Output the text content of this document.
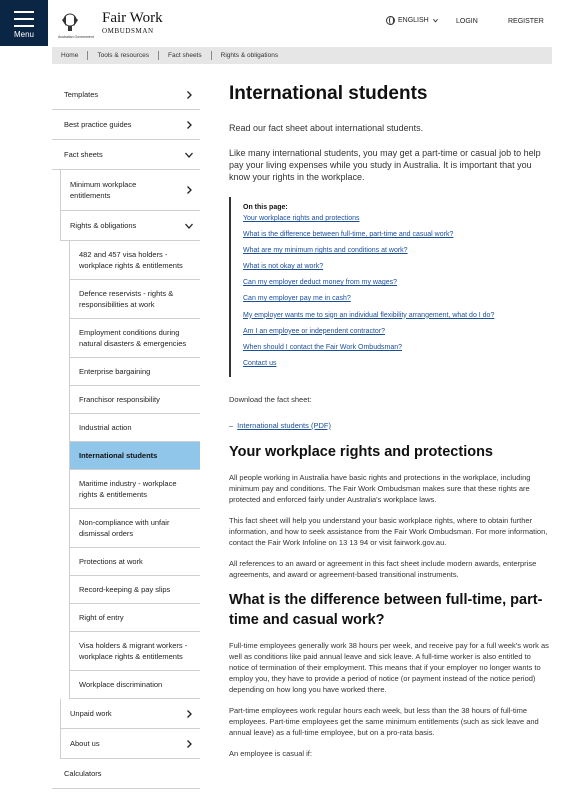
Menu	Australian Government
Fair Work
OMBUDSMAN
ENGLISH	LOGIN	REGISTER
Home	Tools & resources	Fact sheets	Rights & obligations
Templates
Best practice guides
Fact sheets
Minimum workplace entitlements
Rights & obligations
482 and 457 visa holders - workplace rights & entitlements
Defence reservists - rights & responsibilities at work
Employment conditions during natural disasters & emergencies
Enterprise bargaining
Franchisor responsibility
Industrial action
International students
Maritime industry - workplace rights & entitlements
Non-compliance with unfair dismissal orders
Protections at work
Record-keeping & pay slips
Right of entry
Visa holders & migrant workers - workplace rights & entitlements
Workplace discrimination
Unpaid work
About us
Calculators
International students

Read our fact sheet about international students.

Like many international students, you may get a part-time or casual job to help pay your living expenses while you study in Australia. It is important that you know your rights in the workplace.

On this page:
Your workplace rights and protections
What is the difference between full-time, part-time and casual work?
What are my minimum rights and conditions at work?
What is not okay at work?
Can my employer deduct money from my wages?
Can my employer pay me in cash?
My employer wants me to sign an individual flexibility arrangement, what do I do?
Am I an employee or independent contractor?
When should I contact the Fair Work Ombudsman?
Contact us

Download the fact sheet:

– International students (PDF)

Your workplace rights and protections

All people working in Australia have basic rights and protections in the workplace, including minimum pay and conditions. The Fair Work Ombudsman makes sure that these rights are protected and enforced fairly under Australia's workplace laws.

This fact sheet will help you understand your basic workplace rights, where to obtain further information, and how to seek assistance from the Fair Work Ombudsman. For more information, contact the Fair Work Infoline on 13 13 94 or visit fairwork.gov.au.

All references to an award or agreement in this fact sheet include modern awards, enterprise agreements, and award or agreement-based transitional instruments.

What is the difference between full-time, part-time and casual work?

Full-time employees generally work 38 hours per week, and receive pay for a full week's work as well as conditions like paid annual leave and sick leave. A full-time worker is also entitled to notice of termination of their employment. This means that if your employer no longer wants to employ you, they have to provide a period of notice (or payment instead of the notice period) depending on how long you have worked there.

Part-time employees work regular hours each week, but less than the 38 hours of full-time employees. Part-time employees get the same minimum entitlements (such as sick leave and annual leave) as a full-time employee, but on a pro-rata basis.

An employee is casual if:
